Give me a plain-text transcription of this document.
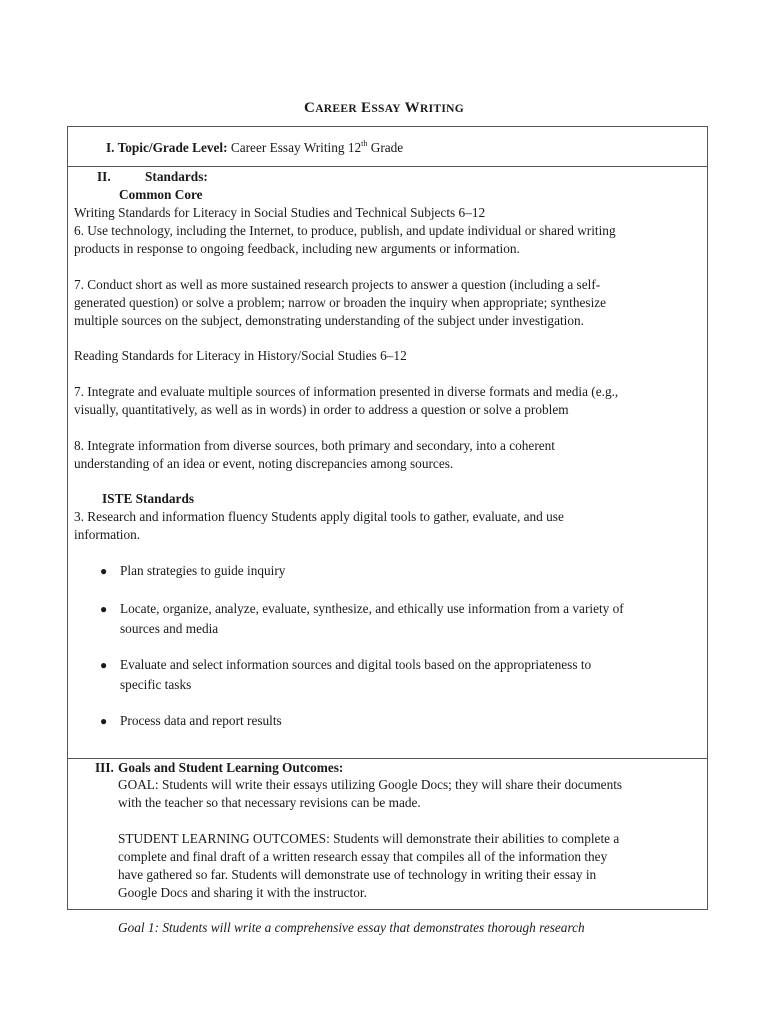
CAREER ESSAY WRITING
I. Topic/Grade Level: Career Essay Writing 12th Grade
II.	Standards:
Common Core
Writing Standards for Literacy in Social Studies and Technical Subjects 6–12
6. Use technology, including the Internet, to produce, publish, and update individual or shared writing
products in response to ongoing feedback, including new arguments or information.
7. Conduct short as well as more sustained research projects to answer a question (including a self-
generated question) or solve a problem; narrow or broaden the inquiry when appropriate; synthesize
multiple sources on the subject, demonstrating understanding of the subject under investigation.
Reading Standards for Literacy in History/Social Studies 6–12
7. Integrate and evaluate multiple sources of information presented in diverse formats and media (e.g.,
visually, quantitatively, as well as in words) in order to address a question or solve a problem
8. Integrate information from diverse sources, both primary and secondary, into a coherent
understanding of an idea or event, noting discrepancies among sources.
ISTE Standards
3. Research and information fluency Students apply digital tools to gather, evaluate, and use
information.
● Plan strategies to guide inquiry
● Locate, organize, analyze, evaluate, synthesize, and ethically use information from a variety of
sources and media
● Evaluate and select information sources and digital tools based on the appropriateness to
specific tasks
● Process data and report results
III. Goals and Student Learning Outcomes:
GOAL: Students will write their essays utilizing Google Docs; they will share their documents
with the teacher so that necessary revisions can be made.
STUDENT LEARNING OUTCOMES: Students will demonstrate their abilities to complete a
complete and final draft of a written research essay that compiles all of the information they
have gathered so far. Students will demonstrate use of technology in writing their essay in
Google Docs and sharing it with the instructor.
Goal 1: Students will write a comprehensive essay that demonstrates thorough research
